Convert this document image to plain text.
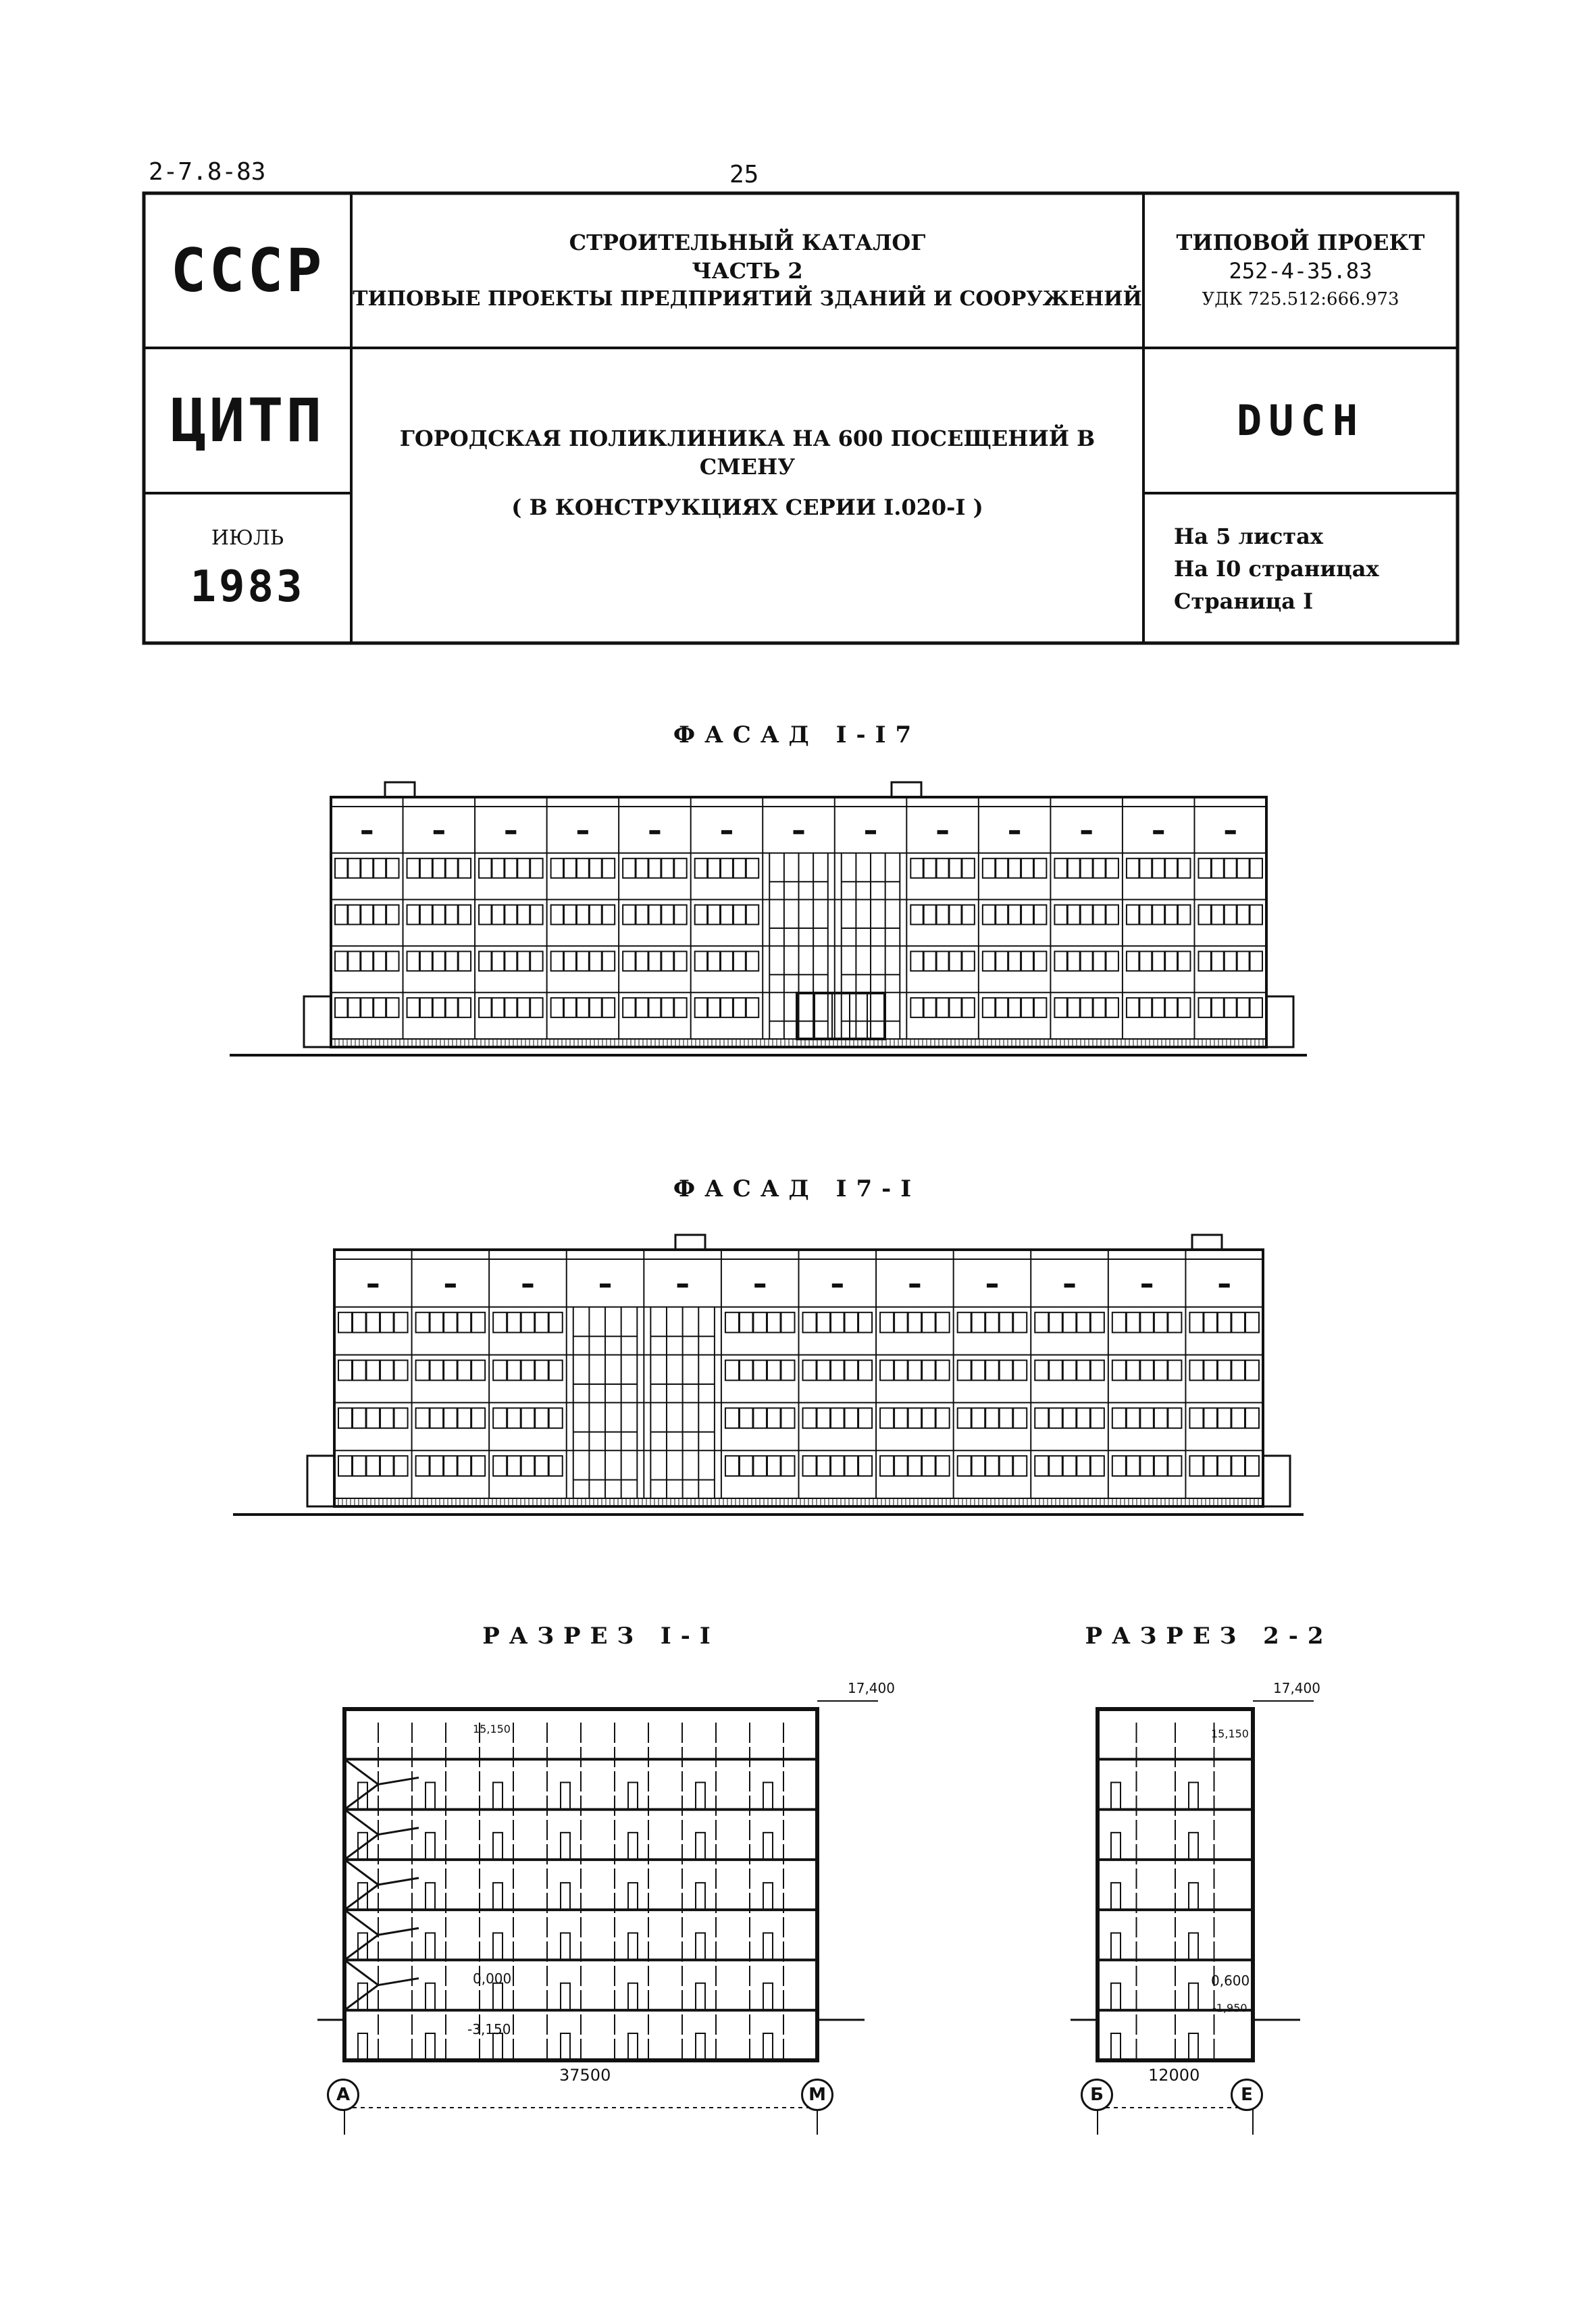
2-7.8-83	25
СССР
ЦИТП
ИЮЛЬ
1983
СТРОИТЕЛЬНЫЙ КАТАЛОГ
ЧАСТЬ 2
ТИПОВЫЕ ПРОЕКТЫ ПРЕДПРИЯТИЙ ЗДАНИЙ И СООРУЖЕНИЙ
ГОРОДСКАЯ ПОЛИКЛИНИКА НА 600 ПОСЕЩЕНИЙ В СМЕНУ
( В КОНСТРУКЦИЯХ СЕРИИ I.020-I )
ТИПОВОЙ ПРОЕКТ
252-4-35.83
УДК 725.512:666.973
DUCH
На 5 листах
На I0 страницах
Страница I
ФАСАД I-I7
ФАСАД I7-I
РАЗРЕЗ I-I	РАЗРЕЗ 2-2
17,400
15,150
0,000
-3,150
37500
А	М
17,400
15,150
0,600
-1,950
12000
Б	Е
